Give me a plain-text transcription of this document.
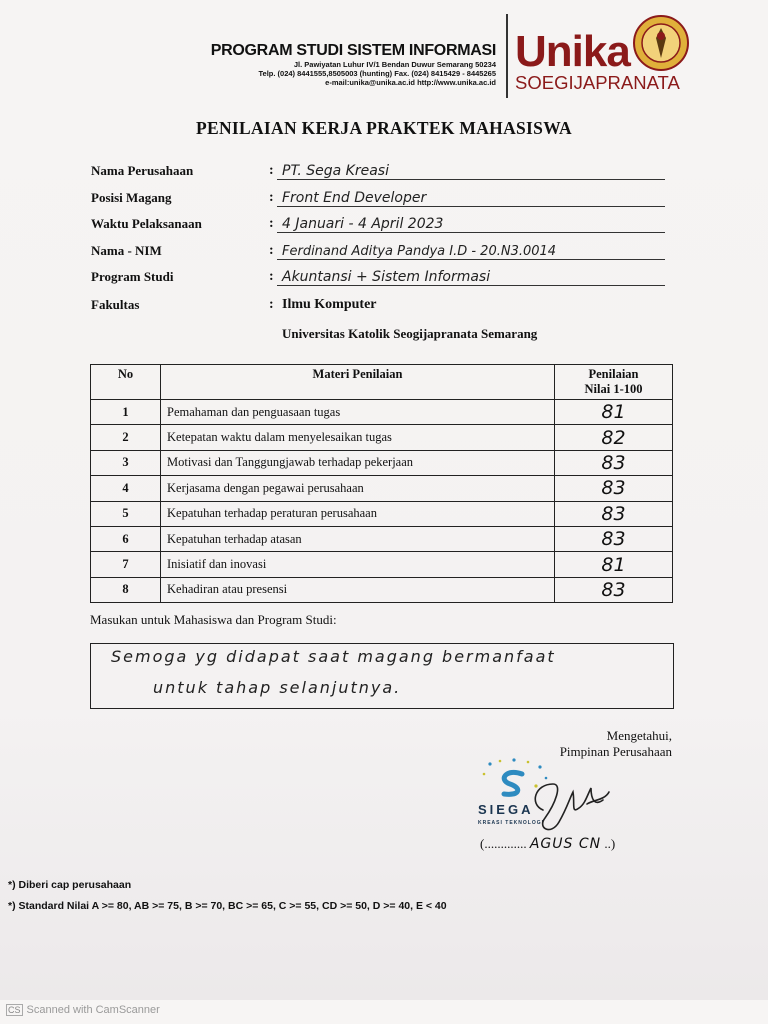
PROGRAM STUDI SISTEM INFORMASI
Jl. Pawiyatan Luhur IV/1 Bendan Duwur Semarang 50234
Telp. (024) 8441555,8505003 (hunting) Fax. (024) 8415429 - 8445265
e-mail:unika@unika.ac.id http://www.unika.ac.id
Unika
SOEGIJAPRANATA
PENILAIAN KERJA PRAKTEK MAHASISWA
Nama Perusahaan	: PT. Sega Kreasi
Posisi Magang	: Front End Developer
Waktu Pelaksanaan	: 4 Januari - 4 April 2023
Nama - NIM	: Ferdinand Aditya Pandya I.D - 20.N3.0014
Program Studi	: Akuntansi + Sistem Informasi
Fakultas	: Ilmu Komputer
Universitas Katolik Seogijapranata Semarang
No	Materi Penilaian	Penilaian
Nilai 1-100

1	Pemahaman dan penguasaan tugas	81
2	Ketepatan waktu dalam menyelesaikan tugas	82
3	Motivasi dan Tanggungjawab terhadap pekerjaan	83
4	Kerjasama dengan pegawai perusahaan	83
5	Kepatuhan terhadap peraturan perusahaan	83
6	Kepatuhan terhadap atasan	83
7	Inisiatif dan inovasi	81
8	Kehadiran atau presensi	83
Masukan untuk Mahasiswa dan Program Studi:
Semoga yg didapat saat magang bermanfaat
untuk tahap selanjutnya.
Mengetahui,
Pimpinan Perusahaan
SIEGA
KREASI TEKNOLOGI
(............. AGUS CN ..)
*) Diberi cap perusahaan
*) Standard Nilai A >= 80, AB >= 75, B >= 70, BC >= 65, C >= 55, CD >= 50, D >= 40, E < 40
CS Scanned with CamScanner
